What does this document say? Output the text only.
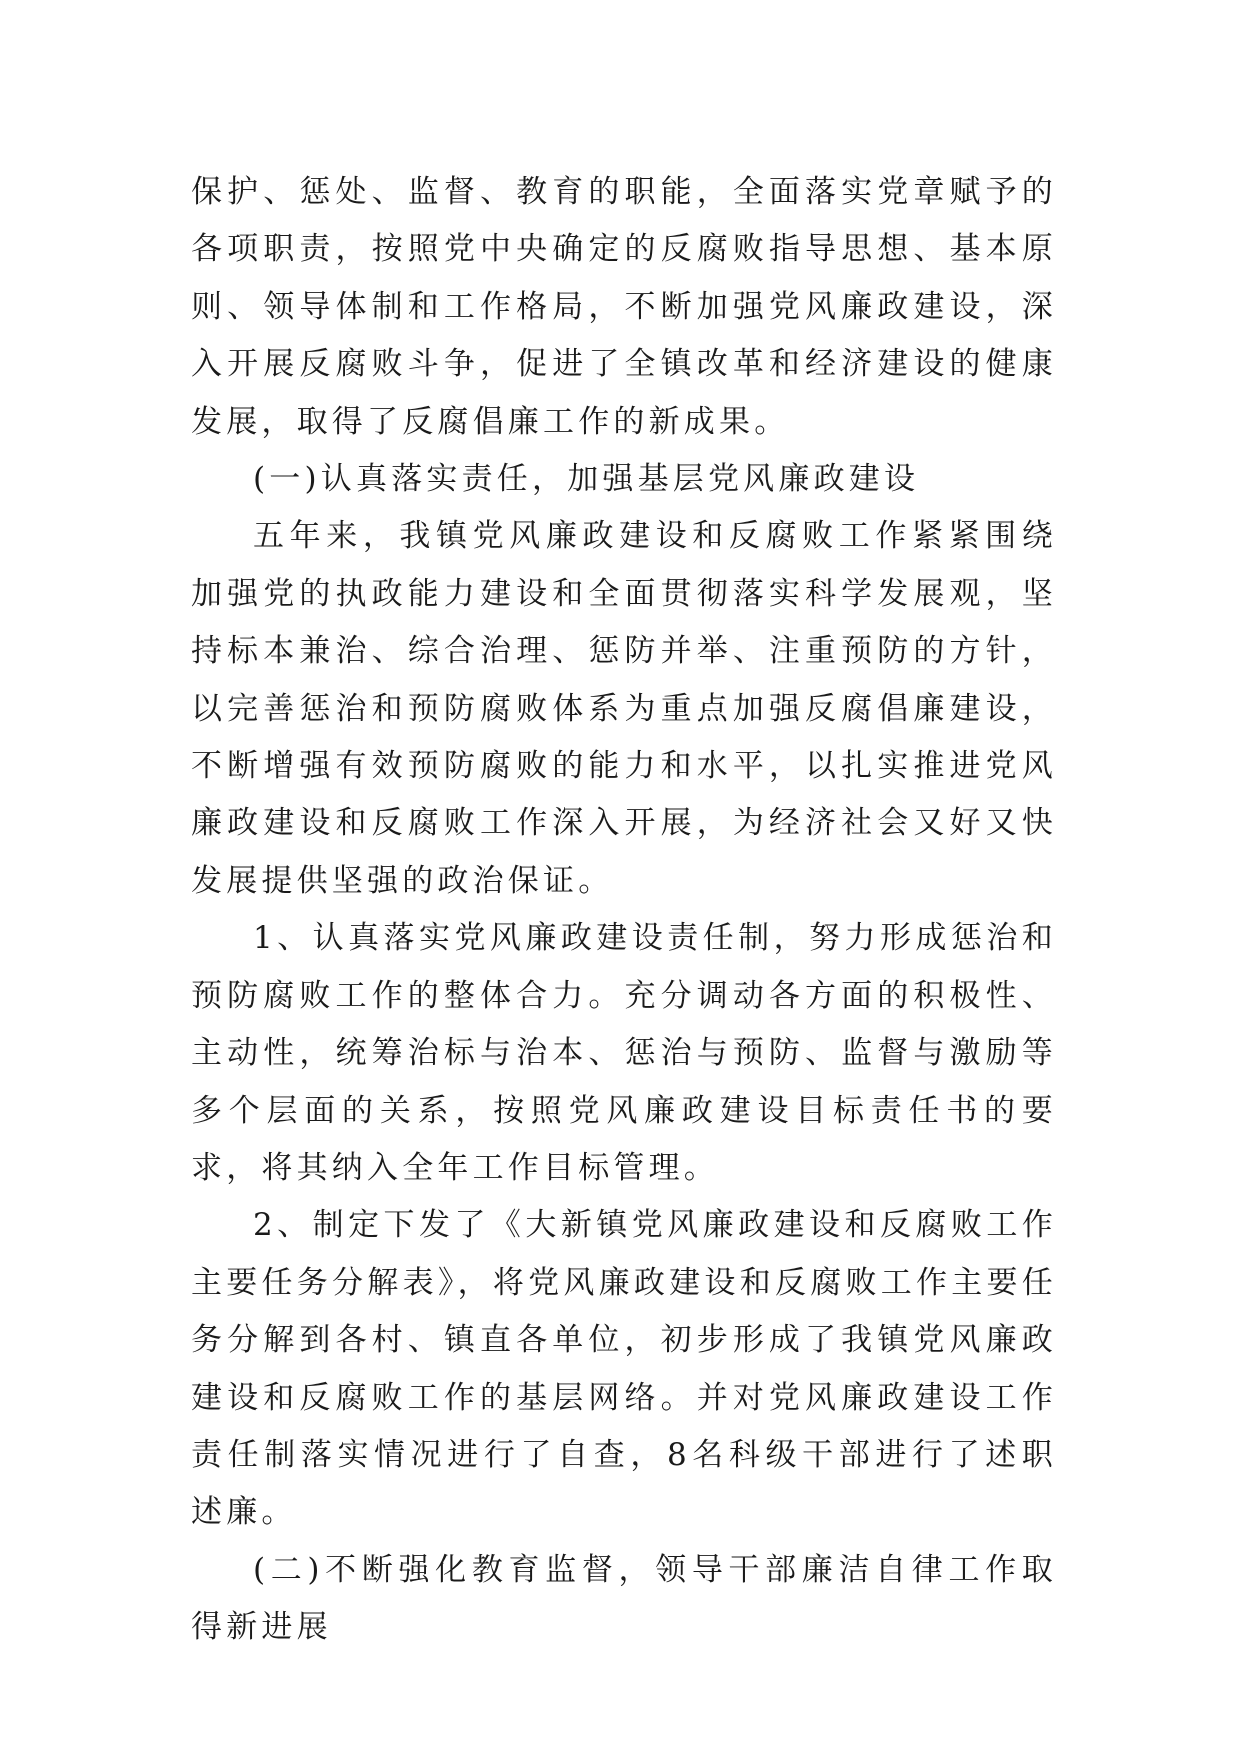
保护、惩处、监督、教育的职能，全面落实党章赋予的各项职责，按照党中央确定的反腐败指导思想、基本原则、领导体制和工作格局，不断加强党风廉政建设，深入开展反腐败斗争，促进了全镇改革和经济建设的健康发展，取得了反腐倡廉工作的新成果。

(一)认真落实责任，加强基层党风廉政建设

五年来，我镇党风廉政建设和反腐败工作紧紧围绕加强党的执政能力建设和全面贯彻落实科学发展观，坚持标本兼治、综合治理、惩防并举、注重预防的方针，以完善惩治和预防腐败体系为重点加强反腐倡廉建设，不断增强有效预防腐败的能力和水平，以扎实推进党风廉政建设和反腐败工作深入开展，为经济社会又好又快发展提供坚强的政治保证。

1、认真落实党风廉政建设责任制，努力形成惩治和预防腐败工作的整体合力。充分调动各方面的积极性、主动性，统筹治标与治本、惩治与预防、监督与激励等多个层面的关系，按照党风廉政建设目标责任书的要求，将其纳入全年工作目标管理。

2、制定下发了《大新镇党风廉政建设和反腐败工作主要任务分解表》，将党风廉政建设和反腐败工作主要任务分解到各村、镇直各单位，初步形成了我镇党风廉政建设和反腐败工作的基层网络。并对党风廉政建设工作责任制落实情况进行了自查，8名科级干部进行了述职述廉。

(二)不断强化教育监督，领导干部廉洁自律工作取得新进展
